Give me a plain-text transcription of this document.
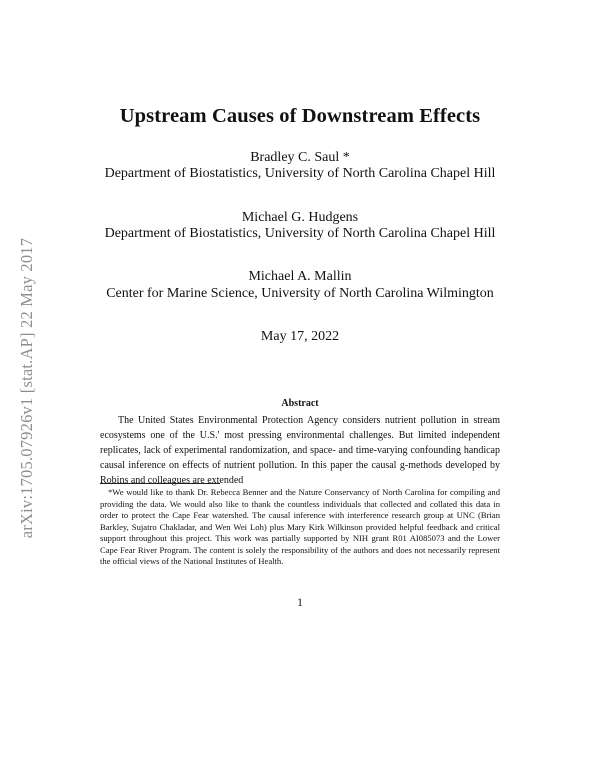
arXiv:1705.07926v1 [stat.AP] 22 May 2017
Upstream Causes of Downstream Effects
Bradley C. Saul *
Department of Biostatistics, University of North Carolina Chapel Hill
Michael G. Hudgens
Department of Biostatistics, University of North Carolina Chapel Hill
Michael A. Mallin
Center for Marine Science, University of North Carolina Wilmington
May 17, 2022
Abstract
The United States Environmental Protection Agency considers nutrient pollution in stream ecosystems one of the U.S.' most pressing environmental challenges. But limited independent replicates, lack of experimental randomization, and space- and time-varying confounding handicap causal inference on effects of nutrient pollution. In this paper the causal g-methods developed by Robins and colleagues are extended
*We would like to thank Dr. Rebecca Benner and the Nature Conservancy of North Carolina for compiling and providing the data. We would also like to thank the countless individuals that collected and collated this data in order to protect the Cape Fear watershed. The causal inference with interference research group at UNC (Brian Barkley, Sujatro Chakladar, and Wen Wei Loh) plus Mary Kirk Wilkinson provided helpful feedback and critical support throughout this project. This work was partially supported by NIH grant R01 AI085073 and the Lower Cape Fear River Program. The content is solely the responsibility of the authors and does not necessarily represent the official views of the National Institutes of Health.
1
